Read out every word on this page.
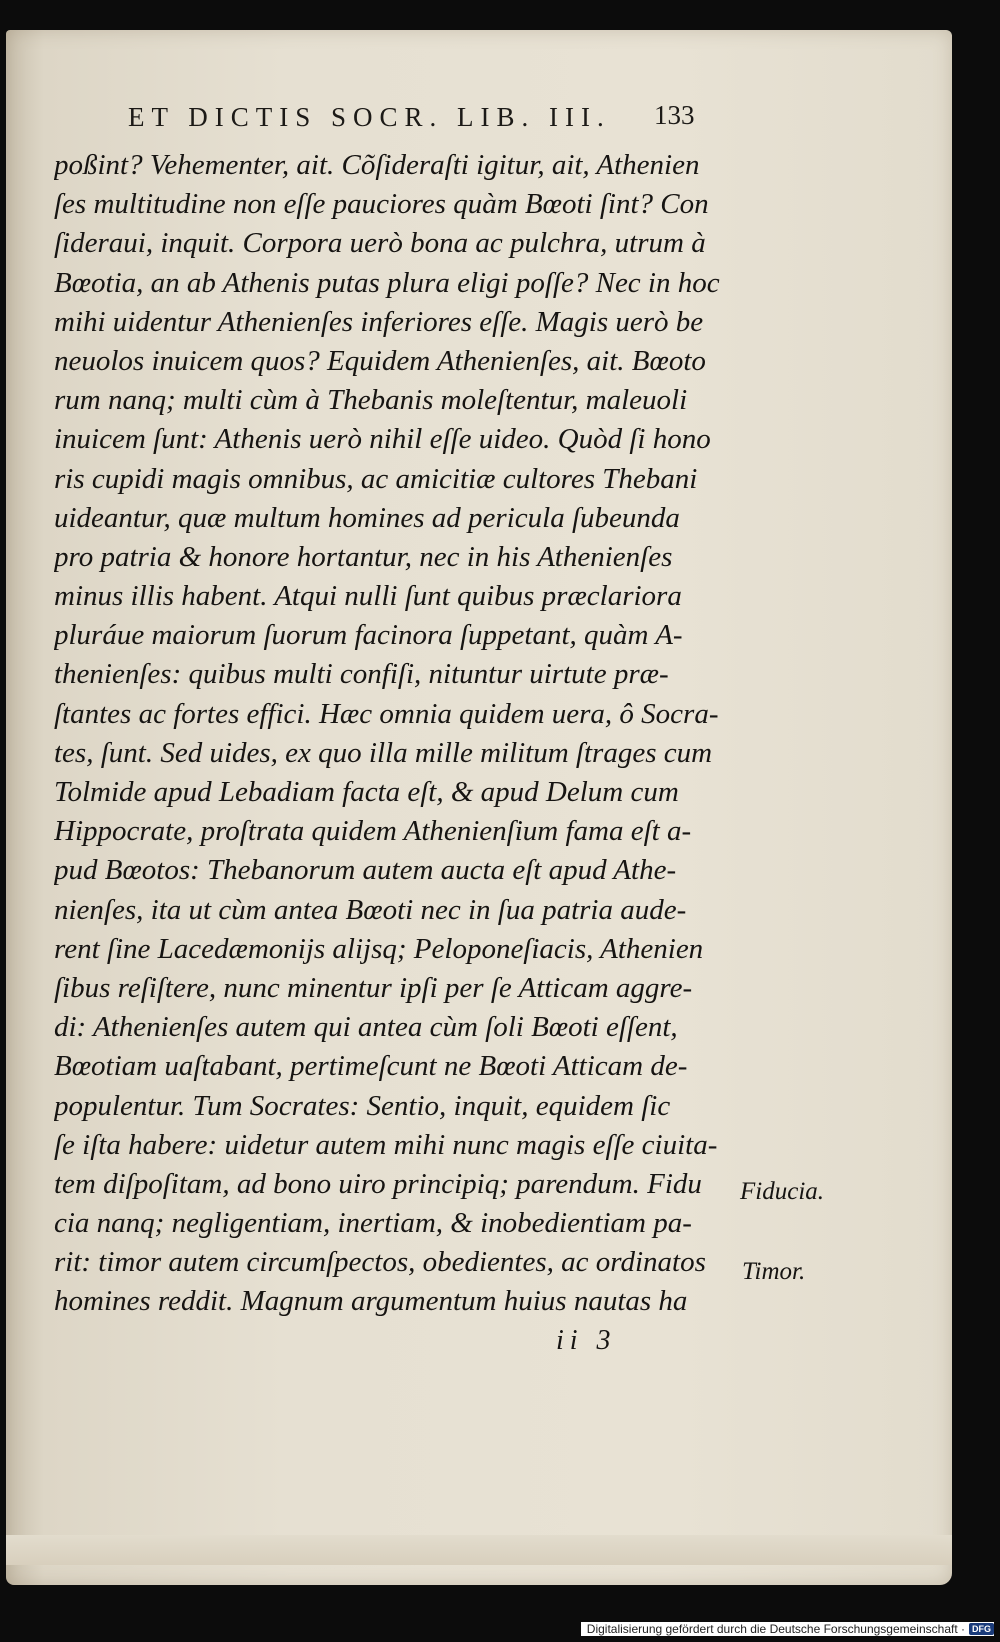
ET DICTIS SOCR. LIB. III.	133
poßint? Vehementer, ait. Cõſideraſti igitur, ait, Athenien
ſes multitudine non eſſe pauciores quàm Bœoti ſint? Con
ſideraui, inquit. Corpora uerò bona ac pulchra, utrum à
Bœotia, an ab Athenis putas plura eligi poſſe? Nec in hoc
mihi uidentur Athenienſes inferiores eſſe. Magis uerò be
neuolos inuicem quos? Equidem Athenienſes, ait. Bœoto
rum nanq; multi cùm à Thebanis moleſtentur, maleuoli
inuicem ſunt: Athenis uerò nihil eſſe uideo. Quòd ſi hono
ris cupidi magis omnibus, ac amicitiæ cultores Thebani
uideantur, quæ multum homines ad pericula ſubeunda
pro patria & honore hortantur, nec in his Athenienſes
minus illis habent. Atqui nulli ſunt quibus præclariora
pluráue maiorum ſuorum facinora ſuppetant, quàm A-
thenienſes: quibus multi confiſi, nituntur uirtute præ-
ſtantes ac fortes effici. Hæc omnia quidem uera, ô Socra-
tes, ſunt. Sed uides, ex quo illa mille militum ſtrages cum
Tolmide apud Lebadiam facta eſt, & apud Delum cum
Hippocrate, proſtrata quidem Athenienſium fama eſt a-
pud Bœotos: Thebanorum autem aucta eſt apud Athe-
nienſes, ita ut cùm antea Bœoti nec in ſua patria aude-
rent ſine Lacedæmonijs alijsq; Peloponeſiacis, Athenien
ſibus reſiſtere, nunc minentur ipſi per ſe Atticam aggre-
di: Athenienſes autem qui antea cùm ſoli Bœoti eſſent,
Bœotiam uaſtabant, pertimeſcunt ne Bœoti Atticam de-
populentur. Tum Socrates: Sentio, inquit, equidem ſic
ſe iſta habere: uidetur autem mihi nunc magis eſſe ciuita-
tem diſpoſitam, ad bono uiro principiq; parendum. Fidu
cia nanq; negligentiam, inertiam, & inobedientiam pa-
rit: timor autem circumſpectos, obedientes, ac ordinatos
homines reddit. Magnum argumentum huius nautas ha
Fiducia.
Timor.
ii 3
Digitalisierung gefördert durch die Deutsche Forschungsgemeinschaft · DFG
